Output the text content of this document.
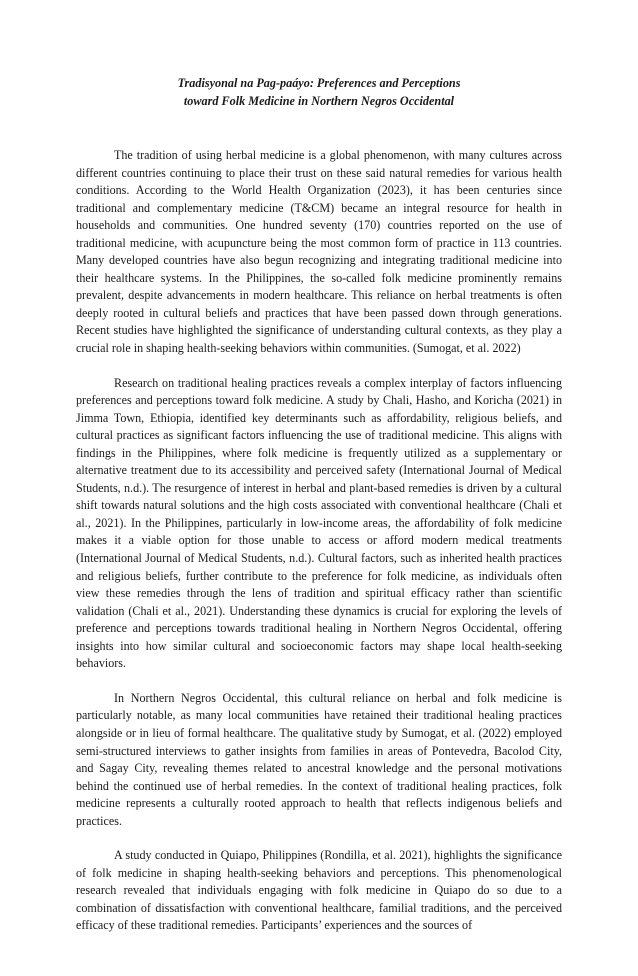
Tradisyonal na Pag-paáyo: Preferences and Perceptions
toward Folk Medicine in Northern Negros Occidental

The tradition of using herbal medicine is a global phenomenon, with many cultures across different countries continuing to place their trust on these said natural remedies for various health conditions. According to the World Health Organization (2023), it has been centuries since traditional and complementary medicine (T&CM) became an integral resource for health in households and communities. One hundred seventy (170) countries reported on the use of traditional medicine, with acupuncture being the most common form of practice in 113 countries. Many developed countries have also begun recognizing and integrating traditional medicine into their healthcare systems. In the Philippines, the so-called folk medicine prominently remains prevalent, despite advancements in modern healthcare. This reliance on herbal treatments is often deeply rooted in cultural beliefs and practices that have been passed down through generations. Recent studies have highlighted the significance of understanding cultural contexts, as they play a crucial role in shaping health-seeking behaviors within communities. (Sumogat, et al. 2022)

Research on traditional healing practices reveals a complex interplay of factors influencing preferences and perceptions toward folk medicine. A study by Chali, Hasho, and Koricha (2021) in Jimma Town, Ethiopia, identified key determinants such as affordability, religious beliefs, and cultural practices as significant factors influencing the use of traditional medicine. This aligns with findings in the Philippines, where folk medicine is frequently utilized as a supplementary or alternative treatment due to its accessibility and perceived safety (International Journal of Medical Students, n.d.). The resurgence of interest in herbal and plant-based remedies is driven by a cultural shift towards natural solutions and the high costs associated with conventional healthcare (Chali et al., 2021). In the Philippines, particularly in low-income areas, the affordability of folk medicine makes it a viable option for those unable to access or afford modern medical treatments (International Journal of Medical Students, n.d.). Cultural factors, such as inherited health practices and religious beliefs, further contribute to the preference for folk medicine, as individuals often view these remedies through the lens of tradition and spiritual efficacy rather than scientific validation (Chali et al., 2021). Understanding these dynamics is crucial for exploring the levels of preference and perceptions towards traditional healing in Northern Negros Occidental, offering insights into how similar cultural and socioeconomic factors may shape local health-seeking behaviors.

In Northern Negros Occidental, this cultural reliance on herbal and folk medicine is particularly notable, as many local communities have retained their traditional healing practices alongside or in lieu of formal healthcare. The qualitative study by Sumogat, et al. (2022) employed semi-structured interviews to gather insights from families in areas of Pontevedra, Bacolod City, and Sagay City, revealing themes related to ancestral knowledge and the personal motivations behind the continued use of herbal remedies. In the context of traditional healing practices, folk medicine represents a culturally rooted approach to health that reflects indigenous beliefs and practices.

A study conducted in Quiapo, Philippines (Rondilla, et al. 2021), highlights the significance of folk medicine in shaping health-seeking behaviors and perceptions. This phenomenological research revealed that individuals engaging with folk medicine in Quiapo do so due to a combination of dissatisfaction with conventional healthcare, familial traditions, and the perceived efficacy of these traditional remedies. Participants’ experiences and the sources of
